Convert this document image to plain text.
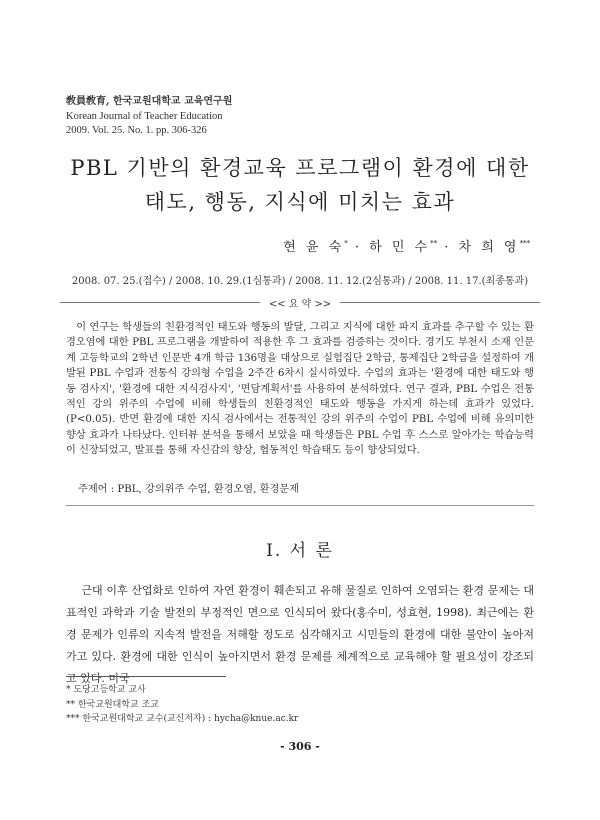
敎員敎育, 한국교원대학교 교육연구원
Korean Journal of Teacher Education
2009. Vol. 25. No. 1. pp. 306-326
PBL 기반의 환경교육 프로그램이 환경에 대한
태도, 행동, 지식에 미치는 효과
현 윤 숙* · 하 민 수** · 차 희 영***
2008. 07. 25.(접수) / 2008. 10. 29.(1심통과) / 2008. 11. 12.(2심통과) / 2008. 11. 17.(최종통과)
<< 요 약 >>

이 연구는 학생들의 친환경적인 태도와 행동의 발달, 그리고 지식에 대한 파지 효과를 추구할 수 있는 환경오염에 대한 PBL 프로그램을 개발하여 적용한 후 그 효과를 검증하는 것이다. 경기도 부천시 소재 인문계 고등학교의 2학년 인문반 4개 학급 136명을 대상으로 실험집단 2학급, 통제집단 2학급을 설정하여 개발된 PBL 수업과 전통식 강의형 수업을 2주간 6차시 실시하였다. 수업의 효과는 '환경에 대한 태도와 행동 검사지', '환경에 대한 지식검사지', '면담계획서'를 사용하여 분석하였다. 연구 결과, PBL 수업은 전통적인 강의 위주의 수업에 비해 학생들의 친환경적인 태도와 행동을 가지게 하는데 효과가 있었다.(P<0.05). 반면 환경에 대한 지식 검사에서는 전통적인 강의 위주의 수업이 PBL 수업에 비해 유의미한 향상 효과가 나타났다. 인터뷰 분석을 통해서 보았을 때 학생들은 PBL 수업 후 스스로 알아가는 학습능력이 신장되었고, 발표를 통해 자신감의 향상, 협동적인 학습태도 등이 향상되었다.

주제어 : PBL, 강의위주 수업, 환경오염, 환경문제
Ⅰ. 서 론

근대 이후 산업화로 인하여 자연 환경이 훼손되고 유해 물질로 인하여 오염되는 환경 문제는 대표적인 과학과 기술 발전의 부정적인 면으로 인식되어 왔다(홍수미, 성효현, 1998). 최근에는 환경 문제가 인류의 지속적 발전을 저해할 정도로 심각해지고 시민들의 환경에 대한 불안이 높아져 가고 있다. 환경에 대한 인식이 높아지면서 환경 문제를 체계적으로 교육해야 할 필요성이 강조되고 있다. 미국

* 도당고등학교 교사
** 한국교원대학교 조교
*** 한국교원대학교 교수(교신저자) : hycha@knue.ac.kr
- 306 -
